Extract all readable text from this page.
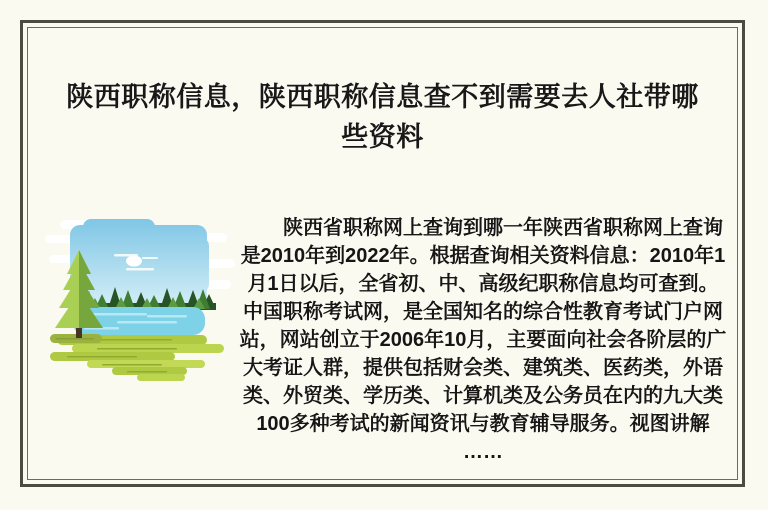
陕西职称信息，陕西职称信息查不到需要去人社带哪些资料

　　陕西省职称网上查询到哪一年陕西省职称网上查询是2010年到2022年。根据查询相关资料信息：2010年1月1日以后，全省初、中、高级纪职称信息均可查到。中国职称考试网，是全国知名的综合性教育考试门户网站，网站创立于2006年10月，主要面向社会各阶层的广大考证人群，提供包括财会类、建筑类、医药类，外语类、外贸类、学历类、计算机类及公务员在内的九大类100多种考试的新闻资讯与教育辅导服务。视图讲解 ……
